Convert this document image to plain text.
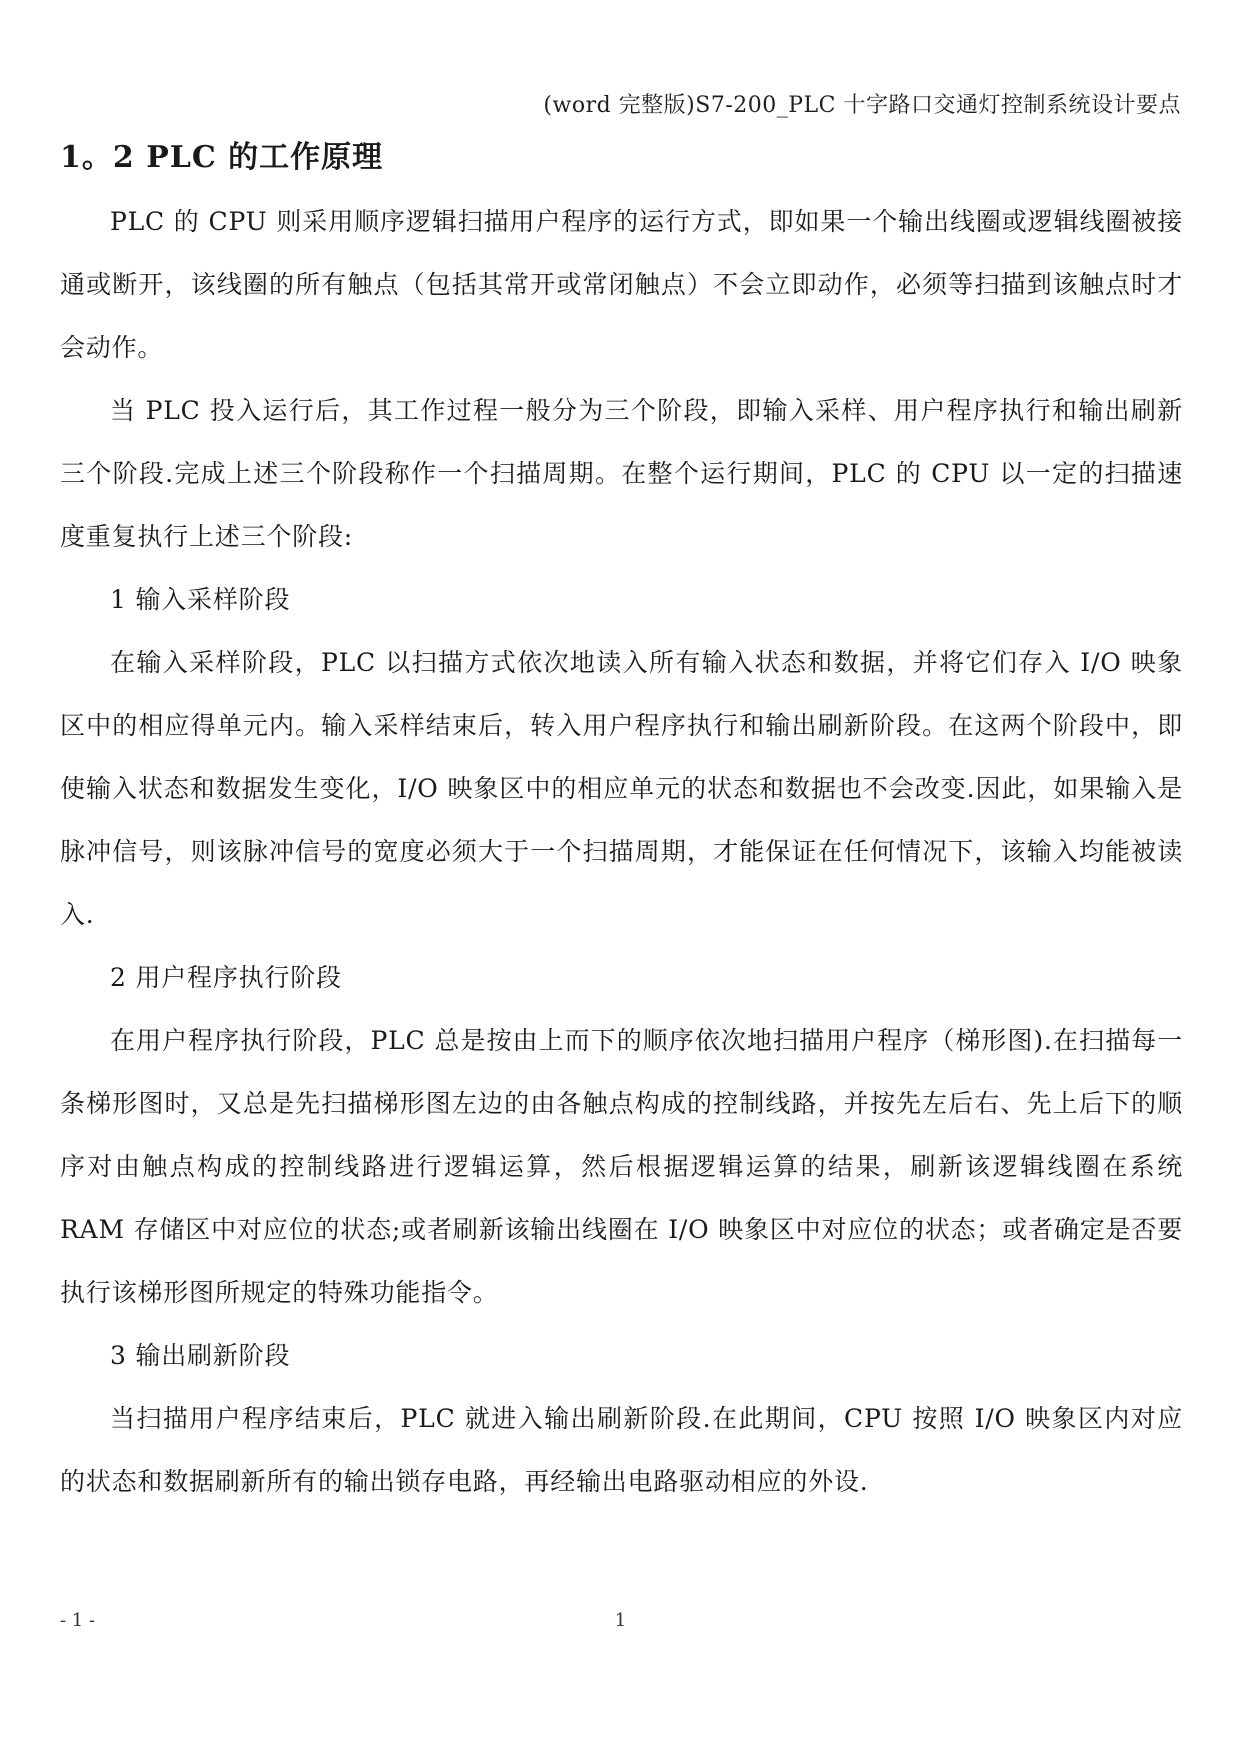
(word 完整版)S7-200_PLC 十字路口交通灯控制系统设计要点
1。2 PLC 的工作原理

PLC 的 CPU 则采用顺序逻辑扫描用户程序的运行方式，即如果一个输出线圈或逻辑线圈被接通或断开，该线圈的所有触点（包括其常开或常闭触点）不会立即动作，必须等扫描到该触点时才会动作。

当 PLC 投入运行后，其工作过程一般分为三个阶段，即输入采样、用户程序执行和输出刷新三个阶段.完成上述三个阶段称作一个扫描周期。在整个运行期间，PLC 的 CPU 以一定的扫描速度重复执行上述三个阶段:

1 输入采样阶段

在输入采样阶段，PLC 以扫描方式依次地读入所有输入状态和数据，并将它们存入 I/O 映象区中的相应得单元内。输入采样结束后，转入用户程序执行和输出刷新阶段。在这两个阶段中，即使输入状态和数据发生变化，I/O 映象区中的相应单元的状态和数据也不会改变.因此，如果输入是脉冲信号，则该脉冲信号的宽度必须大于一个扫描周期，才能保证在任何情况下，该输入均能被读入.

2 用户程序执行阶段

在用户程序执行阶段，PLC 总是按由上而下的顺序依次地扫描用户程序（梯形图).在扫描每一条梯形图时，又总是先扫描梯形图左边的由各触点构成的控制线路，并按先左后右、先上后下的顺序对由触点构成的控制线路进行逻辑运算，然后根据逻辑运算的结果，刷新该逻辑线圈在系统 RAM 存储区中对应位的状态;或者刷新该输出线圈在 I/O 映象区中对应位的状态；或者确定是否要执行该梯形图所规定的特殊功能指令。

3 输出刷新阶段

当扫描用户程序结束后，PLC 就进入输出刷新阶段.在此期间，CPU 按照 I/O 映象区内对应的状态和数据刷新所有的输出锁存电路，再经输出电路驱动相应的外设.

- 1 -	1
